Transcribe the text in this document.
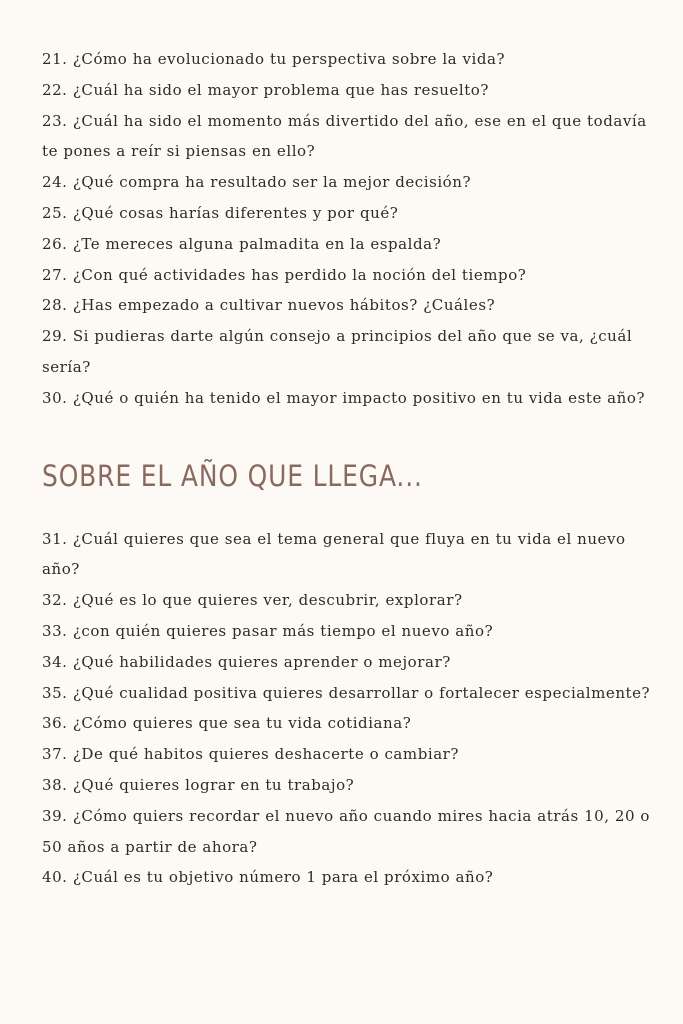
21. ¿Cómo ha evolucionado tu perspectiva sobre la vida?
22. ¿Cuál ha sido el mayor problema que has resuelto?
23. ¿Cuál ha sido el momento más divertido del año, ese en el que todavía te pones a reír si piensas en ello?
24. ¿Qué compra ha resultado ser la mejor decisión?
25. ¿Qué cosas harías diferentes y por qué?
26. ¿Te mereces alguna palmadita en la espalda?
27. ¿Con qué actividades has perdido la noción del tiempo?
28. ¿Has empezado a cultivar nuevos hábitos? ¿Cuáles?
29. Si pudieras darte algún consejo a principios del año que se va, ¿cuál sería?
30. ¿Qué o quién ha tenido el mayor impacto positivo en tu vida este año?
SOBRE EL AÑO QUE LLEGA...
31. ¿Cuál quieres que sea el tema general que fluya en tu vida el nuevo año?
32. ¿Qué es lo que quieres ver, descubrir, explorar?
33. ¿con quién quieres pasar más tiempo el nuevo año?
34. ¿Qué habilidades quieres aprender o mejorar?
35. ¿Qué cualidad positiva quieres desarrollar o fortalecer especialmente?
36. ¿Cómo quieres que sea tu vida cotidiana?
37. ¿De qué habitos quieres deshacerte o cambiar?
38. ¿Qué quieres lograr en tu trabajo?
39. ¿Cómo quiers recordar el nuevo año cuando mires hacia atrás 10, 20 o 50 años a partir de ahora?
40. ¿Cuál es tu objetivo número 1 para el próximo año?
